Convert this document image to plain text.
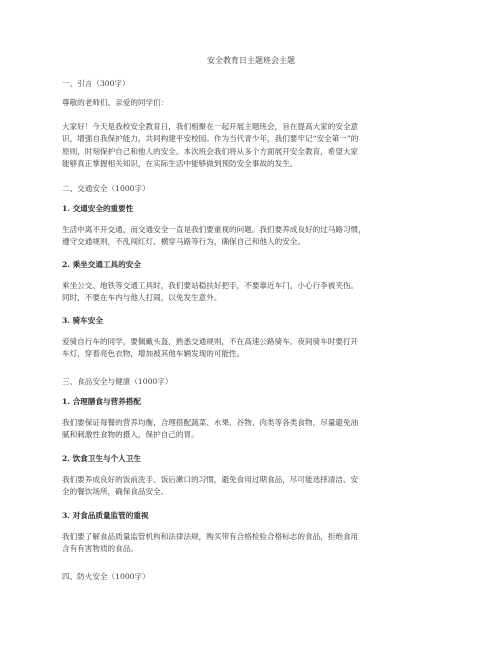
安全教育日主题班会主题
一、引言（300字）
尊敬的老师们、亲爱的同学们：
大家好！今天是我校安全教育日，我们相聚在一起开展主题班会，旨在提高大家的安全意
识，增强自我保护能力，共同构建平安校园。作为当代青少年，我们要牢记“安全第一”的
原则，时刻保护自己和他人的安全。本次班会我们将从多个方面展开安全教育，希望大家
能够真正掌握相关知识，在实际生活中能够做到预防安全事故的发生。
二、交通安全（1000字）
1. 交通安全的重要性
生活中离不开交通，而交通安全一直是我们要重视的问题。我们要养成良好的过马路习惯，
遵守交通规则，不乱闯红灯、横穿马路等行为，确保自己和他人的安全。
2. 乘坐交通工具的安全
乘坐公交、地铁等交通工具时，我们要站稳扶好把手，不要靠近车门，小心行李被夹伤。
同时，不要在车内与他人打闹，以免发生意外。
3. 骑车安全
爱骑自行车的同学，要佩戴头盔，熟悉交通规则，不在高速公路骑车。夜间骑车时要打开
车灯，穿着亮色衣物，增加被其他车辆发现的可能性。
三、食品安全与健康（1000字）
1. 合理膳食与营养搭配
我们要保证每餐的营养均衡，合理搭配蔬菜、水果、谷物、肉类等各类食物，尽量避免油
腻和刺激性食物的摄入，保护自己的胃。
2. 饮食卫生与个人卫生
我们要养成良好的饭前洗手、饭后漱口的习惯，避免食用过期食品，尽可能选择清洁、安
全的餐饮场所，确保食品安全。
3. 对食品质量监管的重视
我们要了解食品质量监管机构和法律法规，购买带有合格检验合格标志的食品，拒绝食用
含有有害物质的食品。
四、防火安全（1000字）
